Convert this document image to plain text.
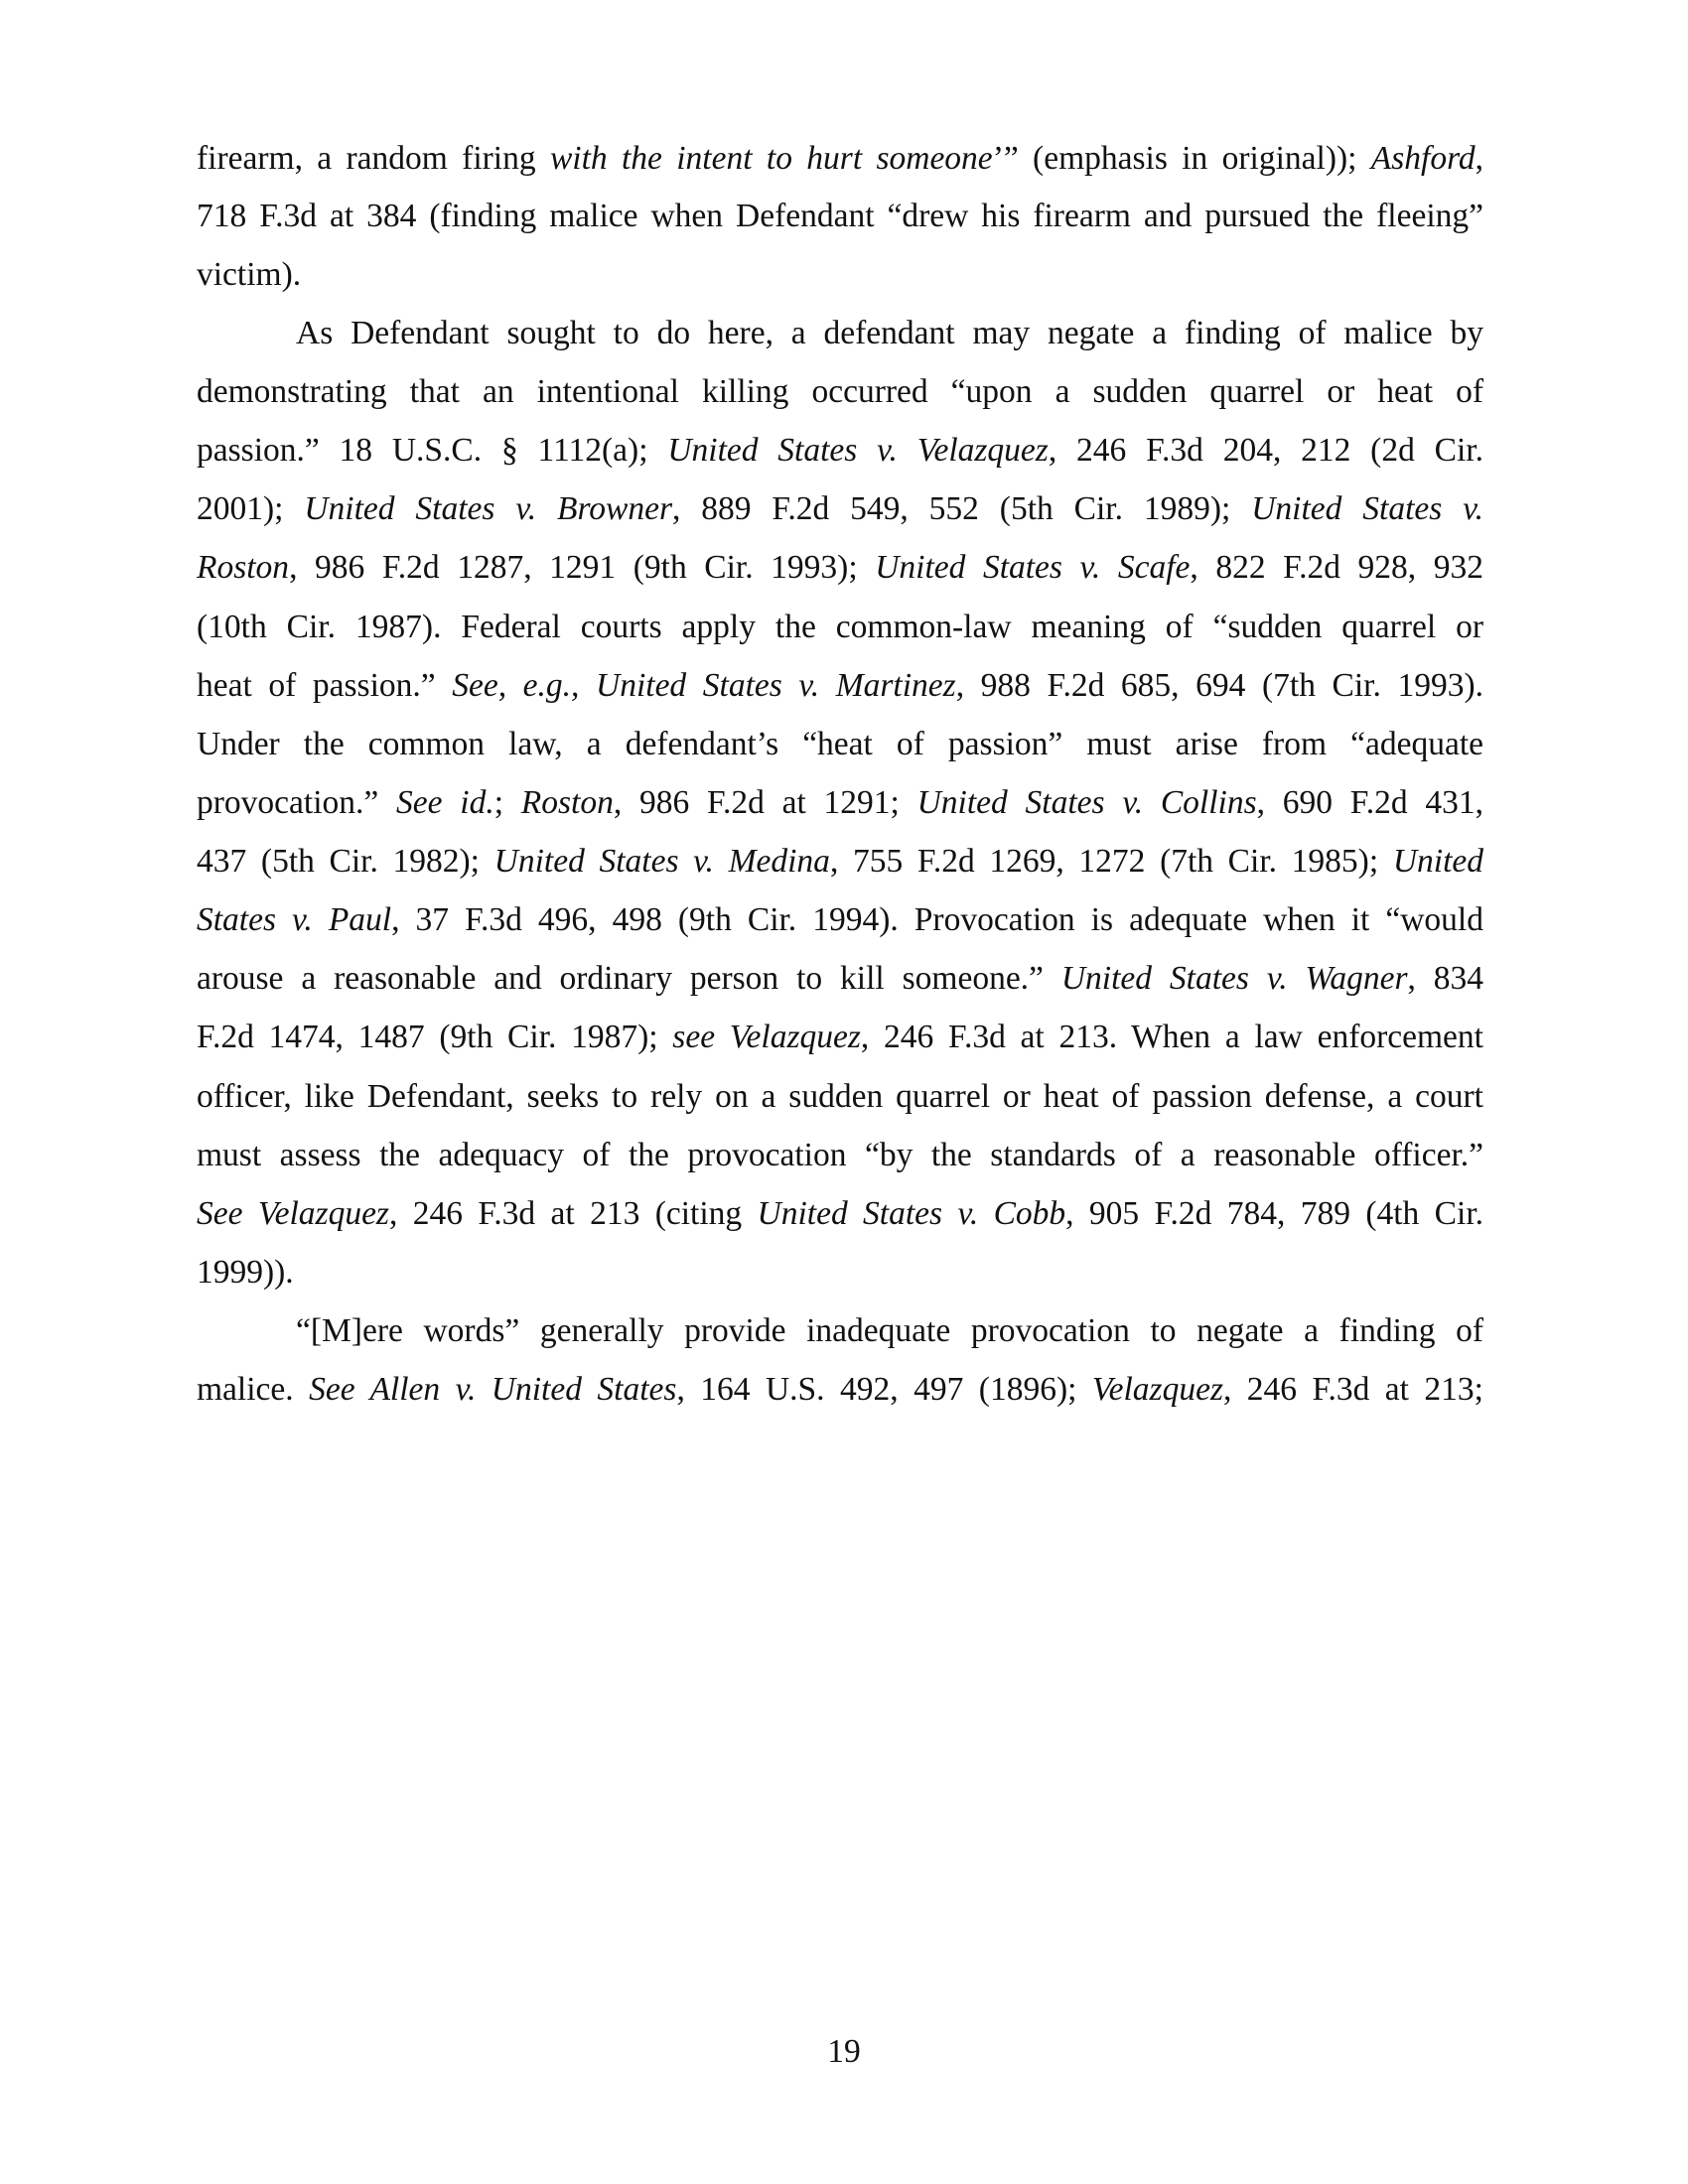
firearm, a random firing with the intent to hurt someone’” (emphasis in original)); Ashford,
718 F.3d at 384 (finding malice when Defendant “drew his firearm and pursued the fleeing”
victim).
As Defendant sought to do here, a defendant may negate a finding of malice by
demonstrating that an intentional killing occurred “upon a sudden quarrel or heat of
passion.” 18 U.S.C. § 1112(a); United States v. Velazquez, 246 F.3d 204, 212 (2d Cir.
2001); United States v. Browner, 889 F.2d 549, 552 (5th Cir. 1989); United States v.
Roston, 986 F.2d 1287, 1291 (9th Cir. 1993); United States v. Scafe, 822 F.2d 928, 932
(10th Cir. 1987). Federal courts apply the common-law meaning of “sudden quarrel or
heat of passion.” See, e.g., United States v. Martinez, 988 F.2d 685, 694 (7th Cir. 1993).
Under the common law, a defendant’s “heat of passion” must arise from “adequate
provocation.” See id.; Roston, 986 F.2d at 1291; United States v. Collins, 690 F.2d 431,
437 (5th Cir. 1982); United States v. Medina, 755 F.2d 1269, 1272 (7th Cir. 1985); United
States v. Paul, 37 F.3d 496, 498 (9th Cir. 1994). Provocation is adequate when it “would
arouse a reasonable and ordinary person to kill someone.” United States v. Wagner, 834
F.2d 1474, 1487 (9th Cir. 1987); see Velazquez, 246 F.3d at 213. When a law enforcement
officer, like Defendant, seeks to rely on a sudden quarrel or heat of passion defense, a court
must assess the adequacy of the provocation “by the standards of a reasonable officer.”
See Velazquez, 246 F.3d at 213 (citing United States v. Cobb, 905 F.2d 784, 789 (4th Cir.
1999)).
“[M]ere words” generally provide inadequate provocation to negate a finding of
malice. See Allen v. United States, 164 U.S. 492, 497 (1896); Velazquez, 246 F.3d at 213;
19
